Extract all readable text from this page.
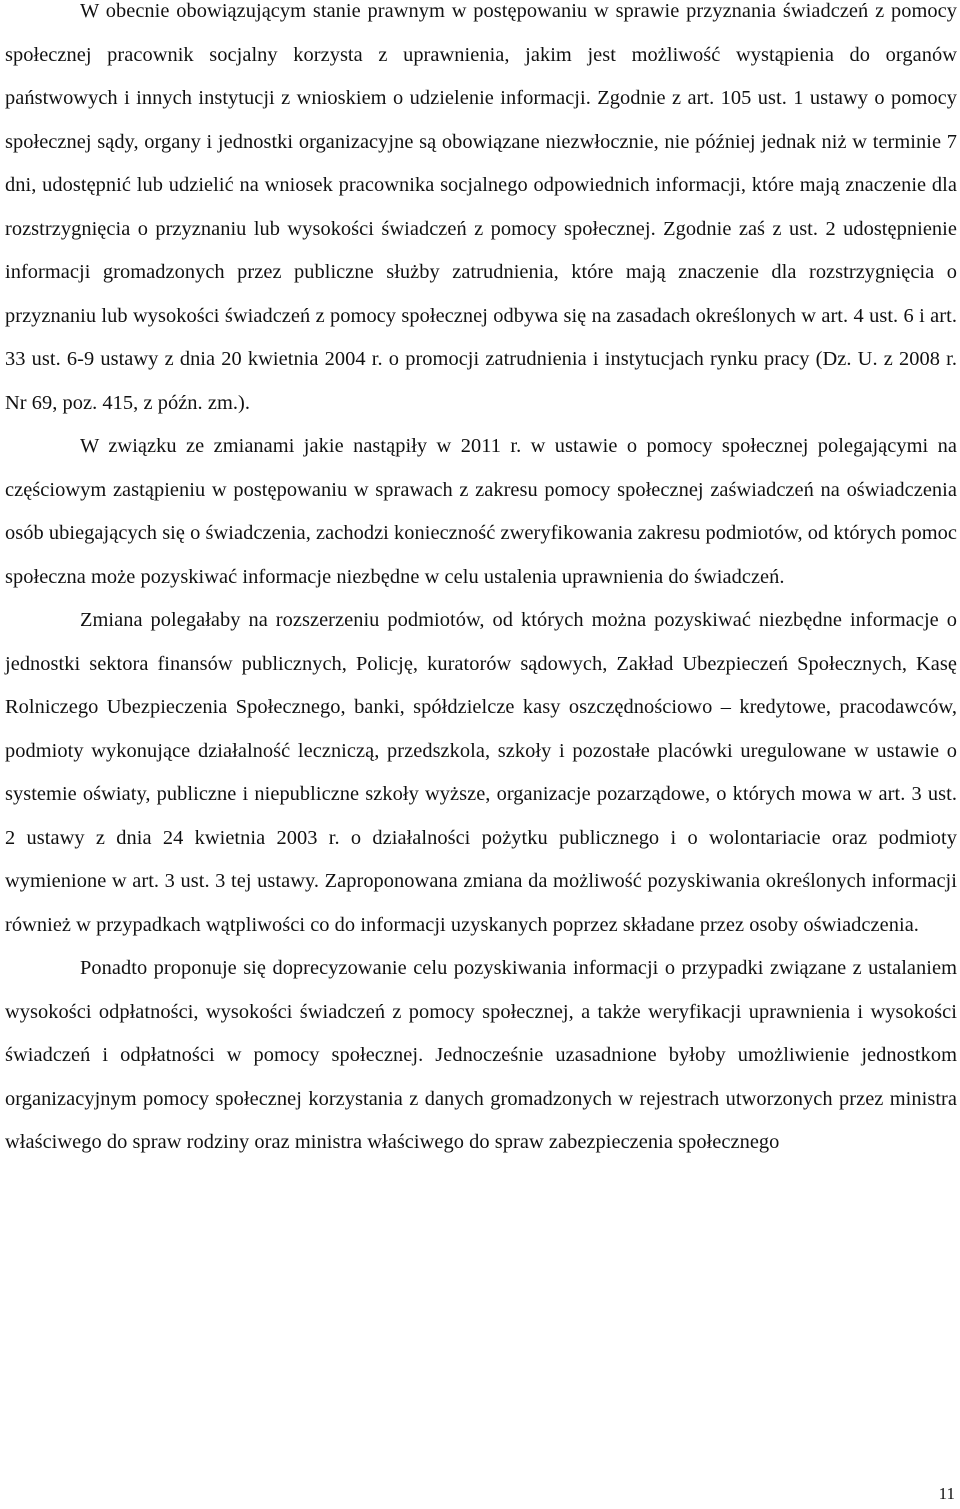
W obecnie obowiązującym stanie prawnym w postępowaniu w sprawie przyznania świadczeń z pomocy społecznej pracownik socjalny korzysta z uprawnienia, jakim jest możliwość wystąpienia do organów państwowych i innych instytucji z wnioskiem o udzielenie informacji. Zgodnie z art. 105 ust. 1 ustawy o pomocy społecznej sądy, organy i jednostki organizacyjne są obowiązane niezwłocznie, nie później jednak niż w terminie 7 dni, udostępnić lub udzielić na wniosek pracownika socjalnego odpowiednich informacji, które mają znaczenie dla rozstrzygnięcia o przyznaniu lub wysokości świadczeń z pomocy społecznej. Zgodnie zaś z ust. 2 udostępnienie informacji gromadzonych przez publiczne służby zatrudnienia, które mają znaczenie dla rozstrzygnięcia o przyznaniu lub wysokości świadczeń z pomocy społecznej odbywa się na zasadach określonych w art. 4 ust. 6 i art. 33 ust. 6-9 ustawy z dnia 20 kwietnia 2004 r. o promocji zatrudnienia i instytucjach rynku pracy (Dz. U. z 2008 r. Nr 69, poz. 415, z późn. zm.).

W związku ze zmianami jakie nastąpiły w 2011 r. w ustawie o pomocy społecznej polegającymi na częściowym zastąpieniu w postępowaniu w sprawach z zakresu pomocy społecznej zaświadczeń na oświadczenia osób ubiegających się o świadczenia, zachodzi konieczność zweryfikowania zakresu podmiotów, od których pomoc społeczna może pozyskiwać informacje niezbędne w celu ustalenia uprawnienia do świadczeń.

Zmiana polegałaby na rozszerzeniu podmiotów, od których można pozyskiwać niezbędne informacje o jednostki sektora finansów publicznych, Policję, kuratorów sądowych, Zakład Ubezpieczeń Społecznych, Kasę Rolniczego Ubezpieczenia Społecznego, banki, spółdzielcze kasy oszczędnościowo – kredytowe, pracodawców, podmioty wykonujące działalność leczniczą, przedszkola, szkoły i pozostałe placówki uregulowane w ustawie o systemie oświaty, publiczne i niepubliczne szkoły wyższe, organizacje pozarządowe, o których mowa w art. 3 ust. 2 ustawy z dnia 24 kwietnia 2003 r. o działalności pożytku publicznego i o wolontariacie oraz podmioty wymienione w art. 3 ust. 3 tej ustawy. Zaproponowana zmiana da możliwość pozyskiwania określonych informacji również w przypadkach wątpliwości co do informacji uzyskanych poprzez składane przez osoby oświadczenia.

Ponadto proponuje się doprecyzowanie celu pozyskiwania informacji o przypadki związane z ustalaniem wysokości odpłatności, wysokości świadczeń z pomocy społecznej, a także weryfikacji uprawnienia i wysokości świadczeń i odpłatności w pomocy społecznej. Jednocześnie uzasadnione byłoby umożliwienie jednostkom organizacyjnym pomocy społecznej korzystania z danych gromadzonych w rejestrach utworzonych przez ministra właściwego do spraw rodziny oraz ministra właściwego do spraw zabezpieczenia społecznego

11
